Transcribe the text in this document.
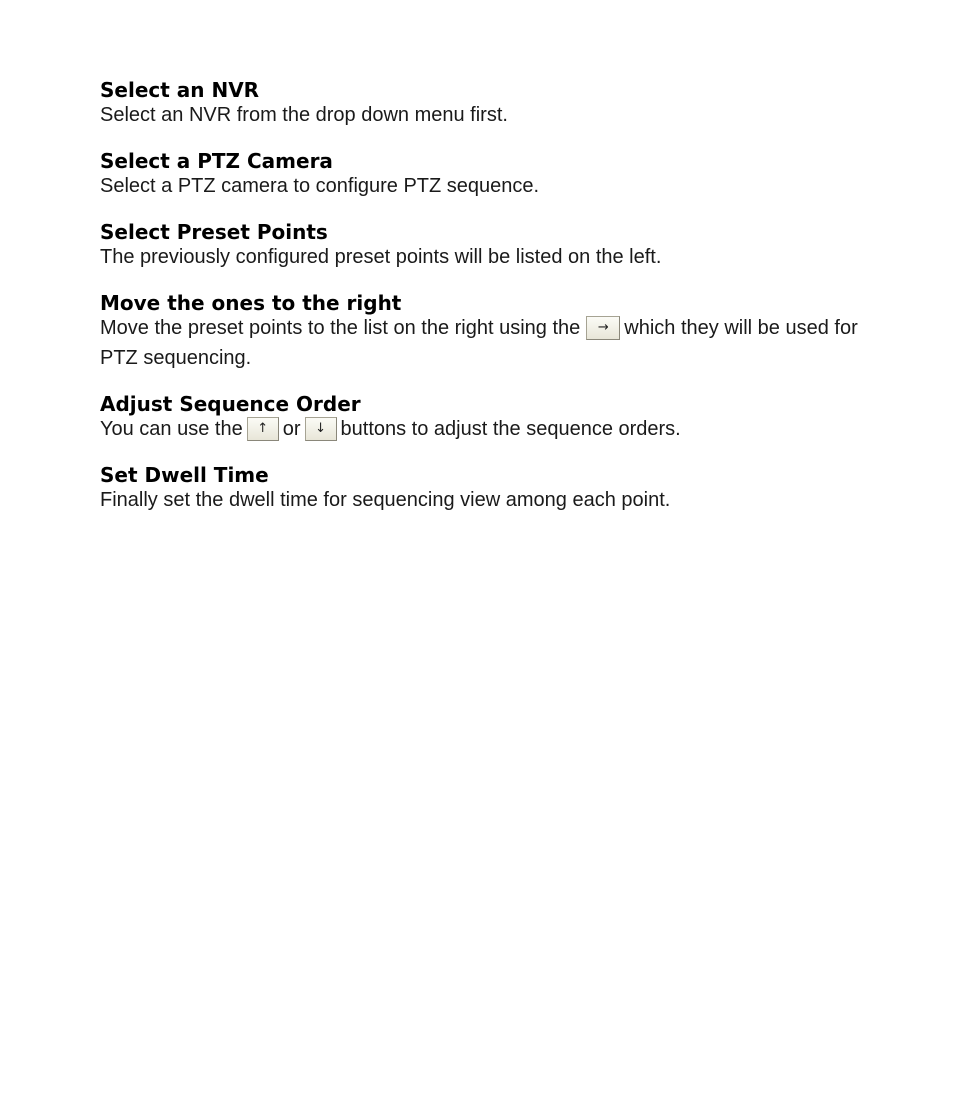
Select an NVR
Select an NVR from the drop down menu first.
Select a PTZ Camera
Select a PTZ camera to configure PTZ sequence.
Select Preset Points
The previously configured preset points will be listed on the left.
Move the ones to the right
Move the preset points to the list on the right using the → which they will be used for PTZ sequencing.
Adjust Sequence Order
You can use the ↑ or ↓ buttons to adjust the sequence orders.
Set Dwell Time
Finally set the dwell time for sequencing view among each point.
